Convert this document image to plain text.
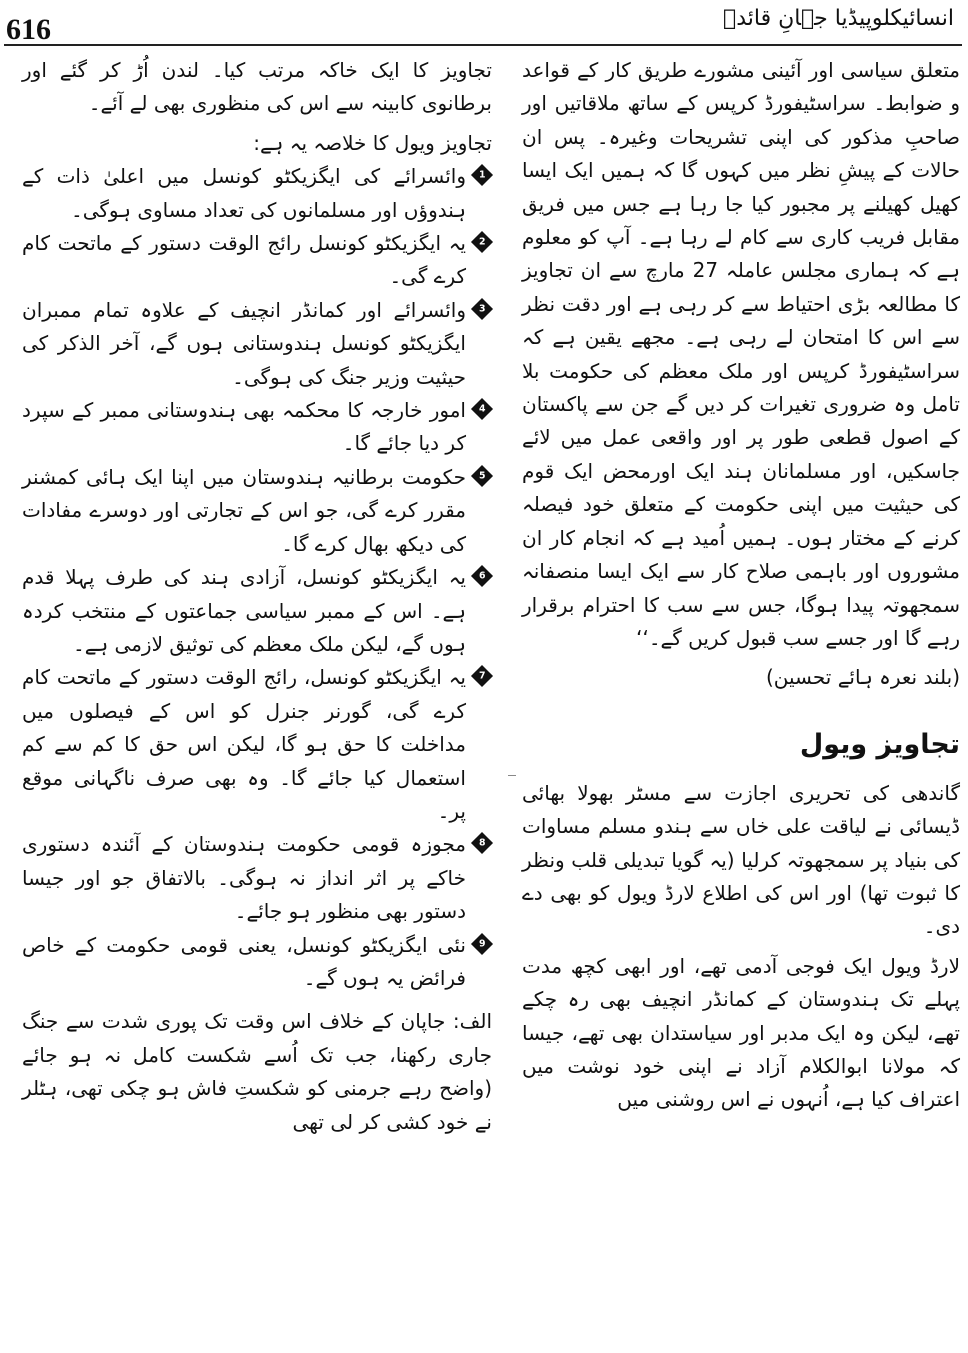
616	انسائیکلوپیڈیا جہانِ قائدؒ

متعلق سیاسی اور آئینی مشورے طریق کار کے قواعد و ضوابط۔ سراسٹیفورڈ کرپس کے ساتھ ملاقاتیں اور صاحبِ مذکور کی اپنی تشریحات وغیرہ۔ پس ان حالات کے پیشِ نظر میں کہوں گا کہ ہمیں ایک ایسا کھیل کھیلنے پر مجبور کیا جا رہا ہے جس میں فریق مقابل فریب کاری سے کام لے رہا ہے۔ آپ کو معلوم ہے کہ ہماری مجلس عاملہ 27 مارچ سے ان تجاویز کا مطالعہ بڑی احتیاط سے کر رہی ہے اور دقت نظر سے اس کا امتحان لے رہی ہے۔ مجھے یقین ہے کہ سراسٹیفورڈ کرپس اور ملک معظم کی حکومت بلا تامل وہ ضروری تغیرات کر دیں گے جن سے پاکستان کے اصول قطعی طور پر اور واقعی عمل میں لائے جاسکیں، اور مسلمانان ہند ایک اورمحض ایک قوم کی حیثیت میں اپنی حکومت کے متعلق خود فیصلہ کرنے کے مختار ہوں۔ ہمیں اُمید ہے کہ انجام کار ان مشوروں اور باہمی صلاح کار سے ایک ایسا منصفانہ سمجھوتہ پیدا ہوگا، جس سے سب کا احترام برقرار رہے گا اور جسے سب قبول کریں گے۔‘‘

(بلند نعرہ ہائے تحسین)

تجاویز ویول

گاندھی کی تحریری اجازت سے مسٹر بھولا بھائی ڈیسائی نے لیاقت علی خاں سے ہندو مسلم مساوات کی بنیاد پر سمجھوتہ کرلیا (یہ گویا تبدیلی قلب ونظر کا ثبوت تھا) اور اس کی اطلاع لارڈ ویول کو بھی دے دی۔

لارڈ ویول ایک فوجی آدمی تھے، اور ابھی کچھ مدت پہلے تک ہندوستان کے کمانڈر انچیف بھی رہ چکے تھے، لیکن وہ ایک مدبر اور سیاستدان بھی تھے، جیسا کہ مولانا ابوالکلام آزاد نے اپنی خود نوشت میں اعتراف کیا ہے، اُنہوں نے اس روشنی میں

تجاویز کا ایک خاکہ مرتب کیا۔ لندن اُڑ کر گئے اور برطانوی کابینہ سے اس کی منظوری بھی لے آئے۔

تجاویز ویول کا خلاصہ یہ ہے:

1
وائسرائے کی ایگزیکٹو کونسل میں اعلیٰ ذات کے ہندوؤں اور مسلمانوں کی تعداد مساوی ہوگی۔

2
یہ ایگزیکٹو کونسل رائج الوقت دستور کے ماتحت کام کرے گی۔

3
وائسرائے اور کمانڈر انچیف کے علاوہ تمام ممبران ایگزیکٹو کونسل ہندوستانی ہوں گے، آخر الذکر کی حیثیت وزیر جنگ کی ہوگی۔

4
امور خارجہ کا محکمہ بھی ہندوستانی ممبر کے سپرد کر دیا جائے گا۔

5
حکومت برطانیہ ہندوستان میں اپنا ایک ہائی کمشنر مقرر کرے گی، جو اس کے تجارتی اور دوسرے مفادات کی دیکھ بھال کرے گا۔

6
یہ ایگزیکٹو کونسل، آزادی ہند کی طرف پہلا قدم ہے۔ اس کے ممبر سیاسی جماعتوں کے منتخب کردہ ہوں گے، لیکن ملک معظم کی توثیق لازمی ہے۔

7
یہ ایگزیکٹو کونسل، رائج الوقت دستور کے ماتحت کام کرے گی، گورنر جنرل کو اس کے فیصلوں میں مداخلت کا حق ہو گا، لیکن اس حق کا کم سے کم استعمال کیا جائے گا۔ وہ بھی صرف ناگہانی موقع پر۔

8
مجوزہ قومی حکومت ہندوستان کے آئندہ دستوری خاکے پر اثر انداز نہ ہوگی۔ بالاتفاق جو اور جیسا دستور بھی منظور ہو جائے۔

9
نئی ایگزیکٹو کونسل، یعنی قومی حکومت کے خاص فرائض یہ ہوں گے۔

الف: جاپان کے خلاف اس وقت تک پوری شدت سے جنگ جاری رکھنا، جب تک اُسے شکست کامل نہ ہو جائے (واضح رہے جرمنی کو شکستِ فاش ہو چکی تھی، ہٹلر نے خود کشی کر لی تھی
